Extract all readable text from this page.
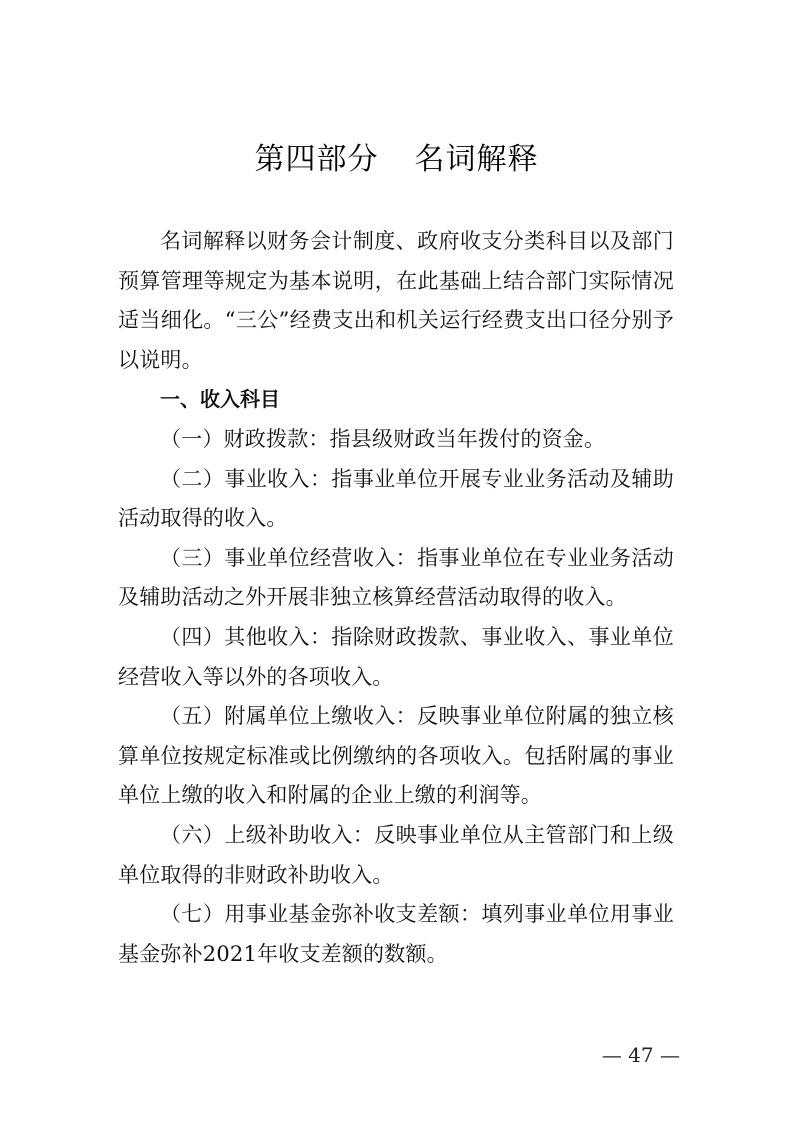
第四部分 名词解释

名词解释以财务会计制度、政府收支分类科目以及部门预算管理等规定为基本说明，在此基础上结合部门实际情况适当细化。“三公”经费支出和机关运行经费支出口径分别予以说明。

一、收入科目

（一）财政拨款：指县级财政当年拨付的资金。

（二）事业收入：指事业单位开展专业业务活动及辅助活动取得的收入。

（三）事业单位经营收入：指事业单位在专业业务活动及辅助活动之外开展非独立核算经营活动取得的收入。

（四）其他收入：指除财政拨款、事业收入、事业单位经营收入等以外的各项收入。

（五）附属单位上缴收入：反映事业单位附属的独立核算单位按规定标准或比例缴纳的各项收入。包括附属的事业单位上缴的收入和附属的企业上缴的利润等。

（六）上级补助收入：反映事业单位从主管部门和上级单位取得的非财政补助收入。

（七）用事业基金弥补收支差额：填列事业单位用事业基金弥补2021年收支差额的数额。

— 47 —
